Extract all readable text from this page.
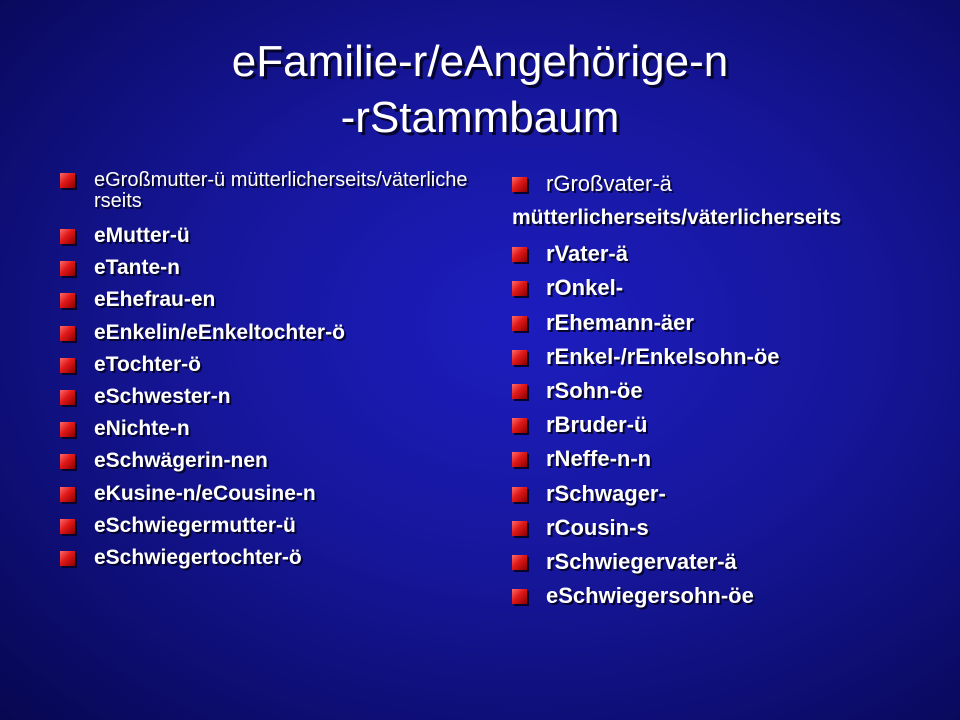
eFamilie-r/eAngehörige-n
-rStammbaum
eGroßmutter-ü mütterlicherseits/väterlicherseits
eMutter-ü
eTante-n
eEhefrau-en
eEnkelin/eEnkeltochter-ö
eTochter-ö
eSchwester-n
eNichte-n
eSchwägerin-nen
eKusine-n/eCousine-n
eSchwiegermutter-ü
eSchwiegertochter-ö
rGroßvater-ä
mütterlicherseits/väterlicherseits
rVater-ä
rOnkel-
rEhemann-äer
rEnkel-/rEnkelsohn-öe
rSohn-öe
rBruder-ü
rNeffe-n-n
rSchwager-
rCousin-s
rSchwiegervater-ä
eSchwiegersohn-öe
